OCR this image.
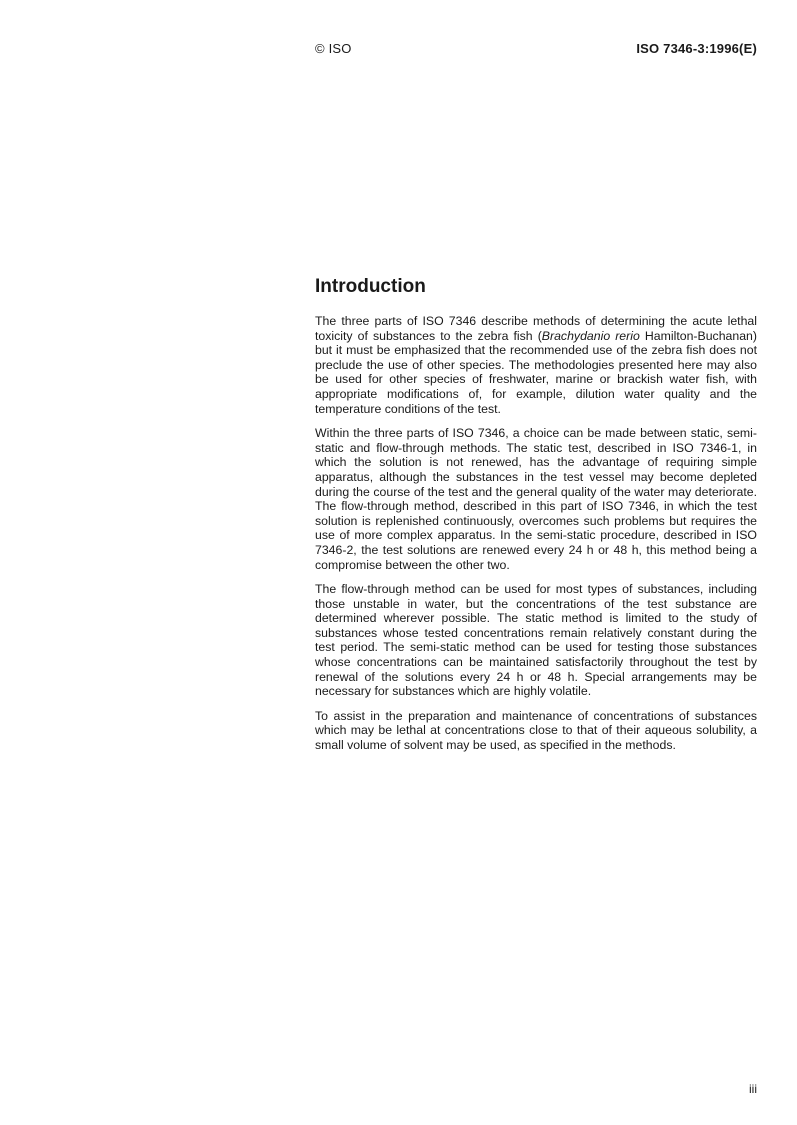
© ISO	ISO 7346-3:1996(E)
Introduction

The three parts of ISO 7346 describe methods of determining the acute lethal toxicity of substances to the zebra fish (Brachydanio rerio Hamilton-Buchanan) but it must be emphasized that the recommended use of the zebra fish does not preclude the use of other species. The methodologies presented here may also be used for other species of freshwater, marine or brackish water fish, with appropriate modifications of, for example, dilution water quality and the temperature conditions of the test.

Within the three parts of ISO 7346, a choice can be made between static, semi-static and flow-through methods. The static test, described in ISO 7346-1, in which the solution is not renewed, has the advantage of requiring simple apparatus, although the substances in the test vessel may become depleted during the course of the test and the general quality of the water may deteriorate. The flow-through method, described in this part of ISO 7346, in which the test solution is replenished continuously, overcomes such problems but requires the use of more complex apparatus. In the semi-static procedure, described in ISO 7346-2, the test solutions are renewed every 24 h or 48 h, this method being a compromise between the other two.

The flow-through method can be used for most types of substances, including those unstable in water, but the concentrations of the test substance are determined wherever possible. The static method is limited to the study of substances whose tested concentrations remain relatively constant during the test period. The semi-static method can be used for testing those substances whose concentrations can be maintained satisfactorily throughout the test by renewal of the solutions every 24 h or 48 h. Special arrangements may be necessary for substances which are highly volatile.

To assist in the preparation and maintenance of concentrations of substances which may be lethal at concentrations close to that of their aqueous solubility, a small volume of solvent may be used, as specified in the methods.

iii
